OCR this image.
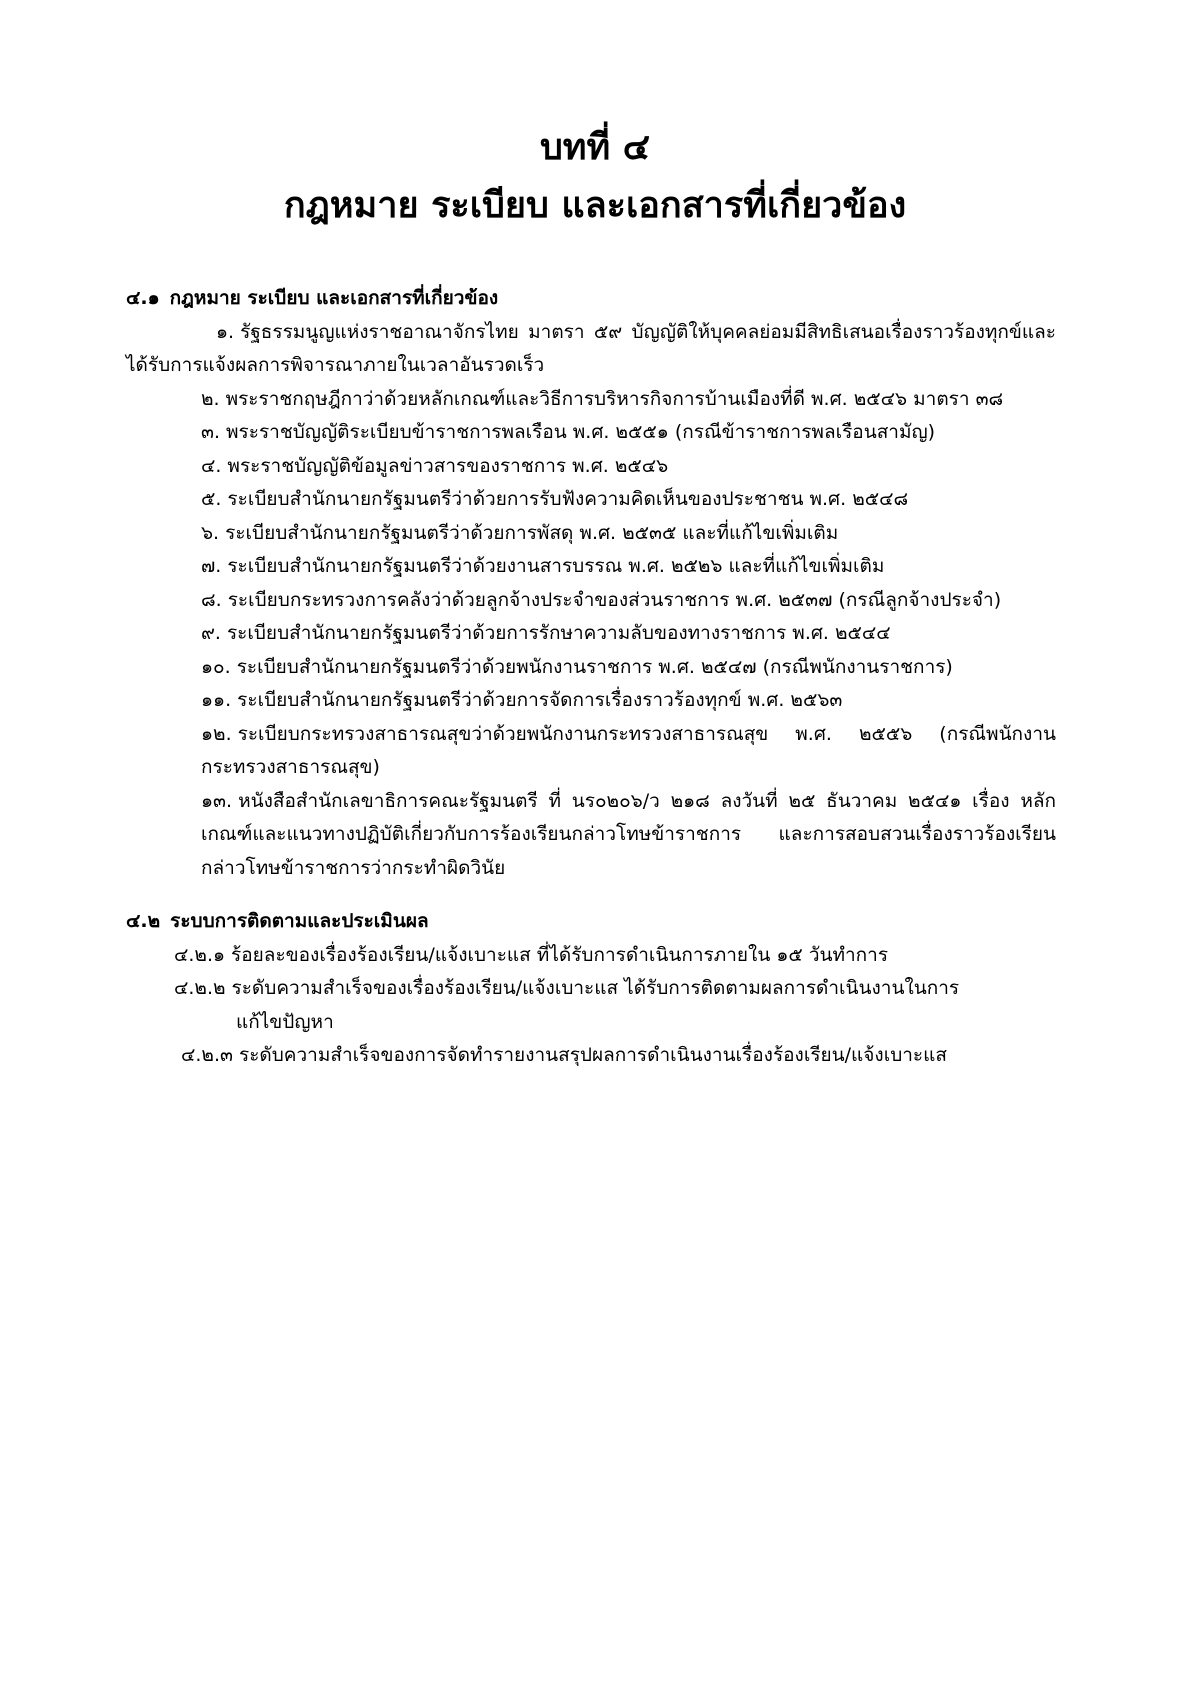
บทที่ ๔
กฎหมาย ระเบียบ และเอกสารที่เกี่ยวข้อง
๔.๑ กฎหมาย ระเบียบ และเอกสารที่เกี่ยวข้อง
๑. รัฐธรรมนูญแห่งราชอาณาจักรไทย มาตรา ๕๙ บัญญัติให้บุคคลย่อมมีสิทธิเสนอเรื่องราวร้องทุกข์และได้รับการแจ้งผลการพิจารณาภายในเวลาอันรวดเร็ว
๒. พระราชกฤษฎีกาว่าด้วยหลักเกณฑ์และวิธีการบริหารกิจการบ้านเมืองที่ดี พ.ศ. ๒๕๔๖ มาตรา ๓๘
๓. พระราชบัญญัติระเบียบข้าราชการพลเรือน พ.ศ. ๒๕๕๑ (กรณีข้าราชการพลเรือนสามัญ)
๔. พระราชบัญญัติข้อมูลข่าวสารของราชการ พ.ศ. ๒๕๔๖
๕. ระเบียบสำนักนายกรัฐมนตรีว่าด้วยการรับฟังความคิดเห็นของประชาชน พ.ศ. ๒๕๔๘
๖. ระเบียบสำนักนายกรัฐมนตรีว่าด้วยการพัสดุ พ.ศ. ๒๕๓๕ และที่แก้ไขเพิ่มเติม
๗. ระเบียบสำนักนายกรัฐมนตรีว่าด้วยงานสารบรรณ พ.ศ. ๒๕๒๖ และที่แก้ไขเพิ่มเติม
๘. ระเบียบกระทรวงการคลังว่าด้วยลูกจ้างประจำของส่วนราชการ พ.ศ. ๒๕๓๗ (กรณีลูกจ้างประจำ)
๙. ระเบียบสำนักนายกรัฐมนตรีว่าด้วยการรักษาความลับของทางราชการ พ.ศ. ๒๕๔๔
๑๐. ระเบียบสำนักนายกรัฐมนตรีว่าด้วยพนักงานราชการ พ.ศ. ๒๕๔๗ (กรณีพนักงานราชการ)
๑๑. ระเบียบสำนักนายกรัฐมนตรีว่าด้วยการจัดการเรื่องราวร้องทุกข์ พ.ศ. ๒๕๖๓
๑๒. ระเบียบกระทรวงสาธารณสุขว่าด้วยพนักงานกระทรวงสาธารณสุข พ.ศ. ๒๕๕๖ (กรณีพนักงานกระทรวงสาธารณสุข)
๑๓. หนังสือสำนักเลขาธิการคณะรัฐมนตรี ที่ นร๐๒๐๖/ว ๒๑๘ ลงวันที่ ๒๕ ธันวาคม ๒๕๔๑ เรื่อง หลักเกณฑ์และแนวทางปฏิบัติเกี่ยวกับการร้องเรียนกล่าวโทษข้าราชการ และการสอบสวนเรื่องราวร้องเรียน กล่าวโทษข้าราชการว่ากระทำผิดวินัย
๔.๒ ระบบการติดตามและประเมินผล
๔.๒.๑ ร้อยละของเรื่องร้องเรียน/แจ้งเบาะแส ที่ได้รับการดำเนินการภายใน ๑๕ วันทำการ
๔.๒.๒ ระดับความสำเร็จของเรื่องร้องเรียน/แจ้งเบาะแส ได้รับการติดตามผลการดำเนินงานในการ
แก้ไขปัญหา
๔.๒.๓ ระดับความสำเร็จของการจัดทำรายงานสรุปผลการดำเนินงานเรื่องร้องเรียน/แจ้งเบาะแส
